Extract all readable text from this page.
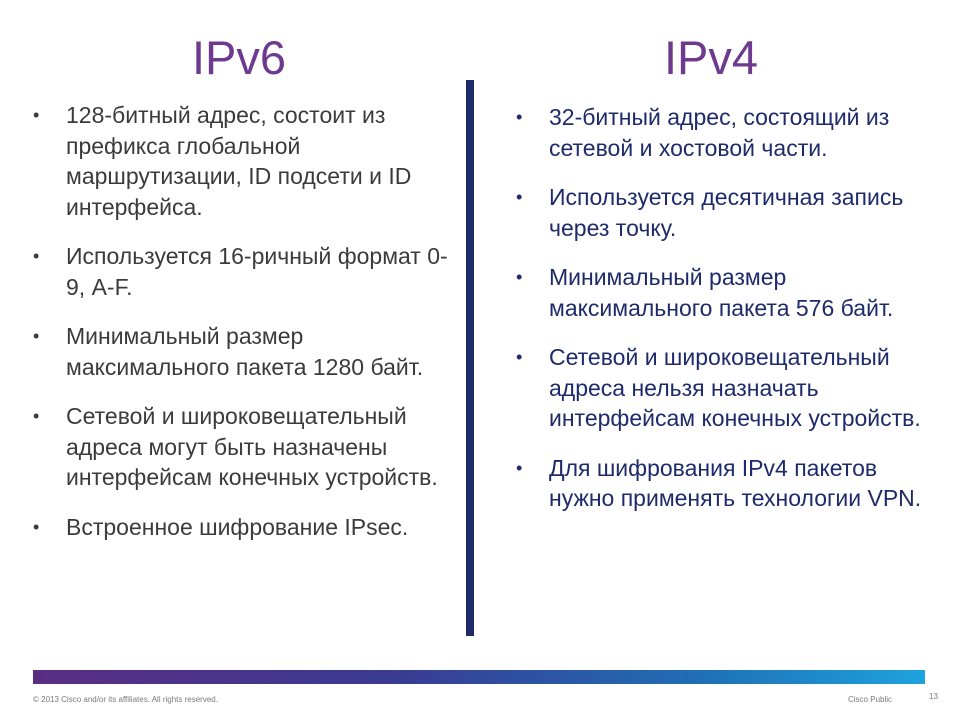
IPv6	IPv4
• 128-битный адрес, состоит из префикса глобальной маршрутизации, ID подсети и ID интерфейса.
• Используется 16-ричный формат 0-9, A-F.
• Минимальный размер максимального пакета 1280 байт.
• Сетевой и широковещательный адреса могут быть назначены интерфейсам конечных устройств.
• Встроенное шифрование IPsec.
• 32-битный адрес, состоящий из сетевой и хостовой части.
• Используется десятичная запись через точку.
• Минимальный размер максимального пакета 576 байт.
• Сетевой и широковещательный адреса нельзя назначать интерфейсам конечных устройств.
• Для шифрования IPv4 пакетов нужно применять технологии VPN.
© 2013 Cisco and/or its affiliates. All rights reserved.	Cisco Public	13
